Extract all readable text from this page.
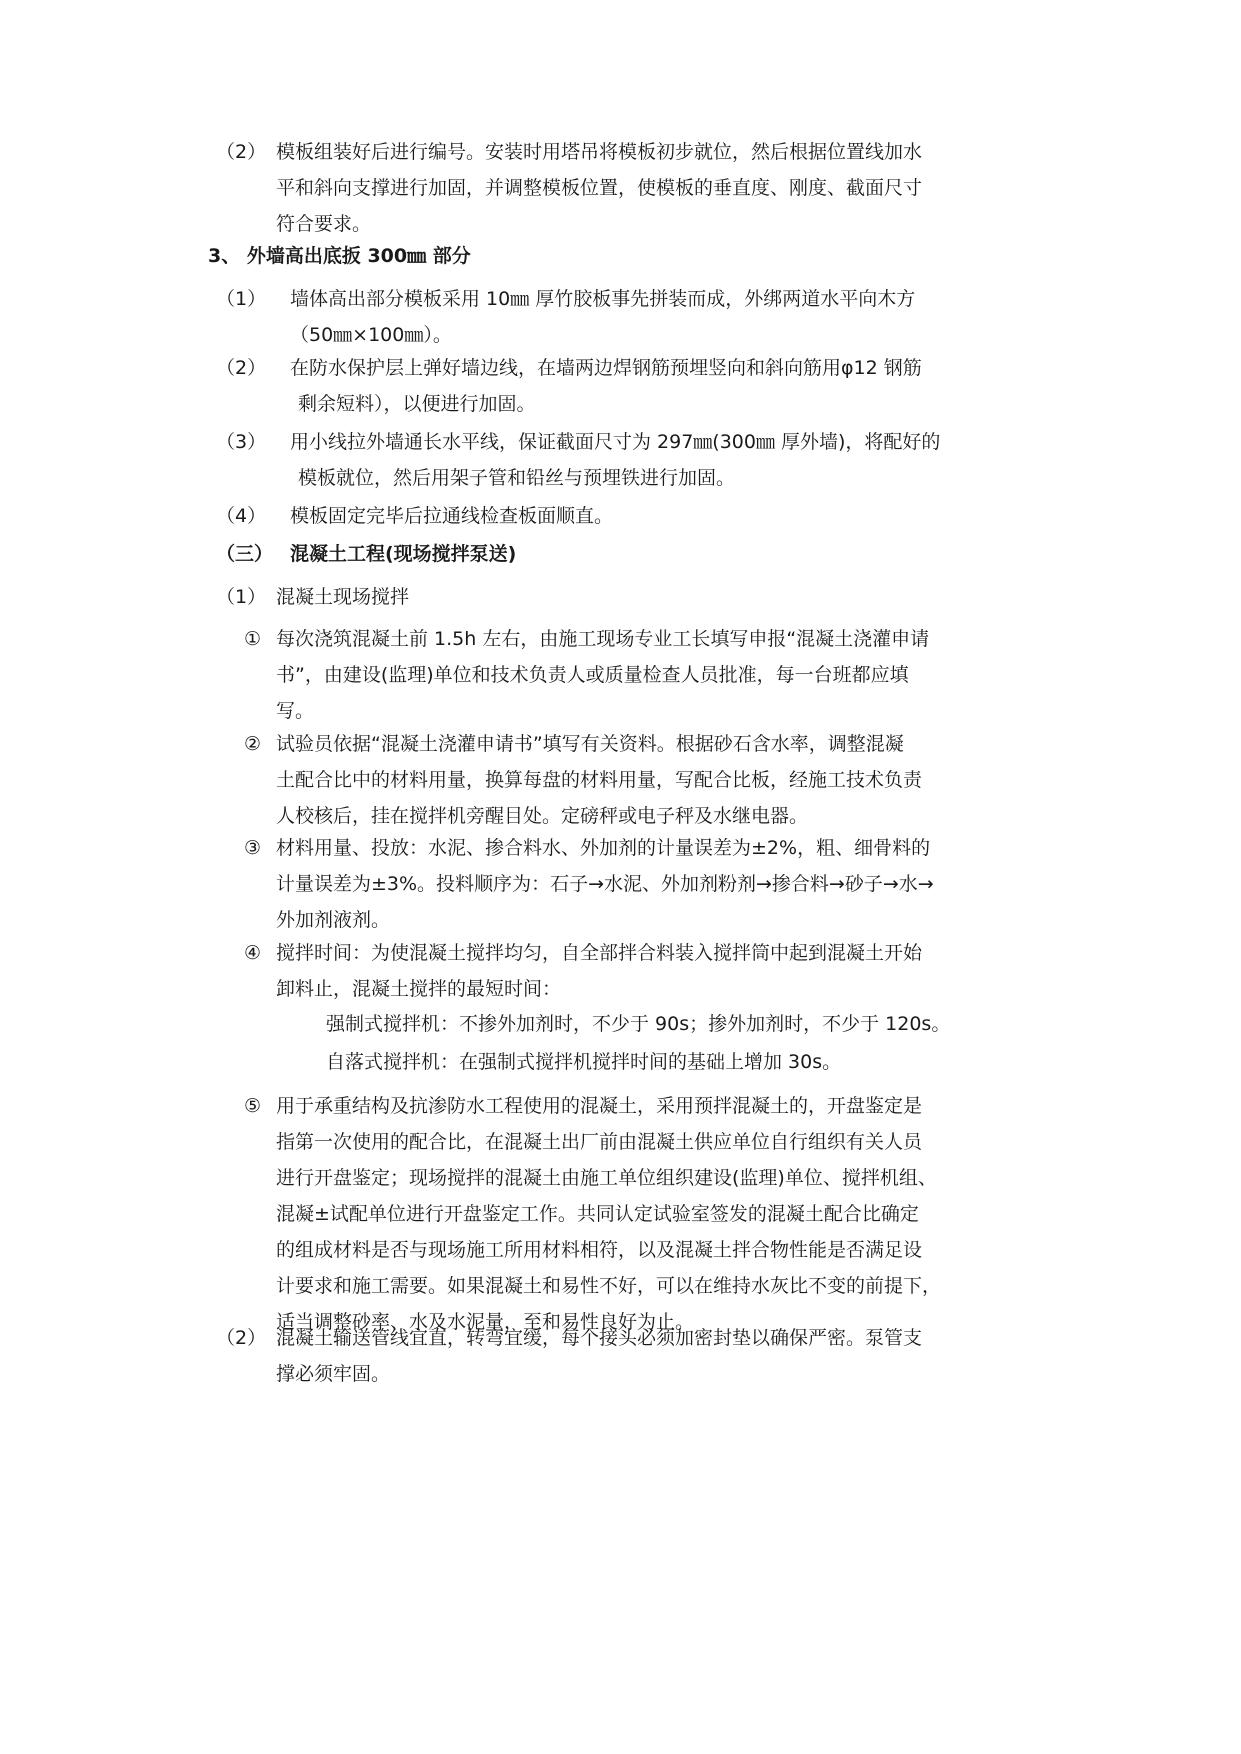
（2） 模板组装好后进行编号。安装时用塔吊将模板初步就位，然后根据位置线加水
平和斜向支撑进行加固，并调整模板位置，使模板的垂直度、刚度、截面尺寸
符合要求。
3、 外墙高出底扳 300㎜ 部分
（1） 墙体高出部分模板采用 10㎜ 厚竹胶板事先拼装而成，外绑两道水平向木方
（50㎜×100㎜）。
（2） 在防水保护层上弹好墙边线，在墙两边焊钢筋预埋竖向和斜向筋用φ12 钢筋
剩余短料），以便进行加固。
（3） 用小线拉外墙通长水平线，保证截面尺寸为 297㎜(300㎜ 厚外墙)，将配好的
模板就位，然后用架子管和铅丝与预埋铁进行加固。
（4） 模板固定完毕后拉通线检查板面顺直。
（三） 混凝土工程(现场搅拌泵送)
（1） 混凝土现场搅拌
① 每次浇筑混凝土前 1.5h 左右，由施工现场专业工长填写申报“混凝土浇灌申请
书”，由建设(监理)单位和技术负责人或质量检查人员批准，每一台班都应填
写。
② 试验员依据“混凝土浇灌申请书”填写有关资料。根据砂石含水率，调整混凝
土配合比中的材料用量，换算每盘的材料用量，写配合比板，经施工技术负责
人校核后，挂在搅拌机旁醒目处。定磅秤或电子秤及水继电器。
③ 材料用量、投放：水泥、掺合料水、外加剂的计量误差为±2%，粗、细骨料的
计量误差为±3%。投料顺序为：石子→水泥、外加剂粉剂→掺合料→砂子→水→
外加剂液剂。
④ 搅拌时间：为使混凝土搅拌均匀，自全部拌合料装入搅拌筒中起到混凝土开始
卸料止，混凝土搅拌的最短时间：
强制式搅拌机：不掺外加剂时，不少于 90s；掺外加剂时，不少于 120s。
自落式搅拌机：在强制式搅拌机搅拌时间的基础上增加 30s。
⑤ 用于承重结构及抗渗防水工程使用的混凝土，采用预拌混凝土的，开盘鉴定是
指第一次使用的配合比，在混凝土出厂前由混凝土供应单位自行组织有关人员
进行开盘鉴定；现场搅拌的混凝土由施工单位组织建设(监理)单位、搅拌机组、
混凝±试配单位进行开盘鉴定工作。共同认定试验室签发的混凝土配合比确定
的组成材料是否与现场施工所用材料相符，以及混凝土拌合物性能是否满足设
计要求和施工需要。如果混凝土和易性不好，可以在维持水灰比不变的前提下，
适当调整砂率、水及水泥量，至和易性良好为止。
（2） 混凝土输送管线宜直，转弯宜缓，每个接头必须加密封垫以确保严密。泵管支
撑必须牢固。
